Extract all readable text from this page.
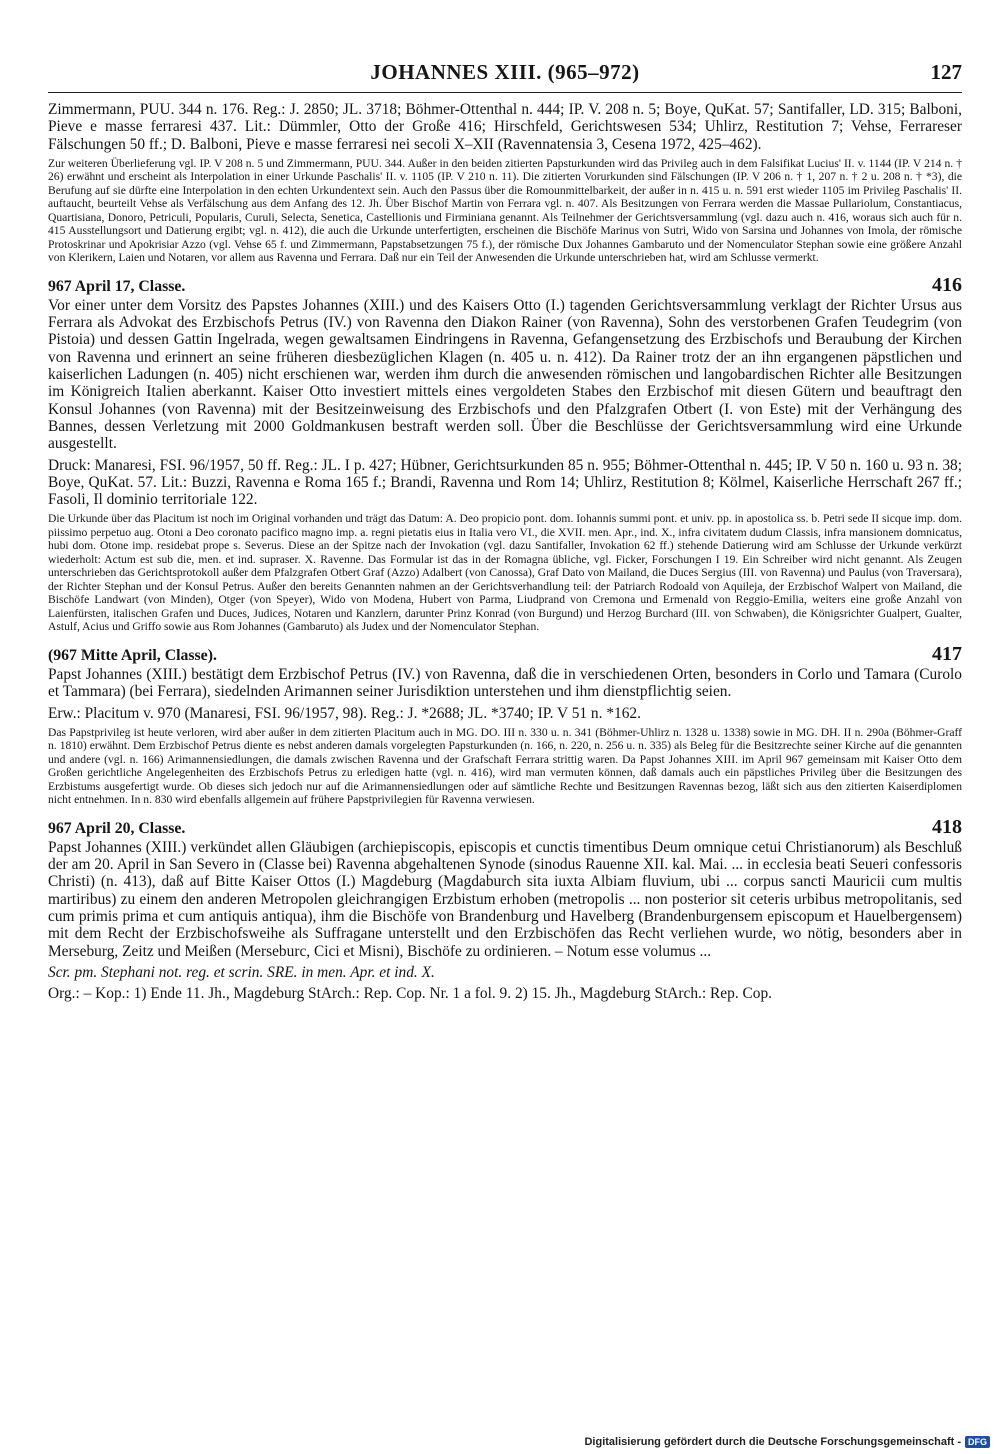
JOHANNES XIII. (965–972)	127

Zimmermann, PUU. 344 n. 176. Reg.: J. 2850; JL. 3718; Böhmer-Ottenthal n. 444; IP. V. 208 n. 5; Boye, QuKat. 57; Santifaller, LD. 315; Balboni, Pieve e masse ferraresi 437. Lit.: Dümmler, Otto der Große 416; Hirschfeld, Gerichtswesen 534; Uhlirz, Restitution 7; Vehse, Ferrareser Fälschungen 50 ff.; D. Balboni, Pieve e masse ferraresi nei secoli X–XII (Ravennatensia 3, Cesena 1972, 425–462).

Zur weiteren Überlieferung vgl. IP. V 208 n. 5 und Zimmermann, PUU. 344. Außer in den beiden zitierten Papsturkunden wird das Privileg auch in dem Falsifikat Lucius' II. v. 1144 (IP. V 214 n. † 26) erwähnt und erscheint als Interpolation in einer Urkunde Paschalis' II. v. 1105 (IP. V 210 n. 11). Die zitierten Vorurkunden sind Fälschungen (IP. V 206 n. † 1, 207 n. † 2 u. 208 n. † *3), die Berufung auf sie dürfte eine Interpolation in den echten Urkundentext sein. Auch den Passus über die Romounmittelbarkeit, der außer in n. 415 u. n. 591 erst wieder 1105 im Privileg Paschalis' II. auftaucht, beurteilt Vehse als Verfälschung aus dem Anfang des 12. Jh. Über Bischof Martin von Ferrara vgl. n. 407. Als Besitzungen von Ferrara werden die Massae Pullariolum, Constantiacus, Quartisiana, Donoro, Petriculi, Popularis, Curuli, Selecta, Senetica, Castellionis und Firminiana genannt. Als Teilnehmer der Gerichtsversammlung (vgl. dazu auch n. 416, woraus sich auch für n. 415 Ausstellungsort und Datierung ergibt; vgl. n. 412), die auch die Urkunde unterfertigten, erscheinen die Bischöfe Marinus von Sutri, Wido von Sarsina und Johannes von Imola, der römische Protoskrinar und Apokrisiar Azzo (vgl. Vehse 65 f. und Zimmermann, Papstabsetzungen 75 f.), der römische Dux Johannes Gambaruto und der Nomenculator Stephan sowie eine größere Anzahl von Klerikern, Laien und Notaren, vor allem aus Ravenna und Ferrara. Daß nur ein Teil der Anwesenden die Urkunde unterschrieben hat, wird am Schlusse vermerkt.

967 April 17, Classe.	416

Vor einer unter dem Vorsitz des Papstes Johannes (XIII.) und des Kaisers Otto (I.) tagenden Gerichtsversammlung verklagt der Richter Ursus aus Ferrara als Advokat des Erzbischofs Petrus (IV.) von Ravenna den Diakon Rainer (von Ravenna), Sohn des verstorbenen Grafen Teudegrim (von Pistoia) und dessen Gattin Ingelrada, wegen gewaltsamen Eindringens in Ravenna, Gefangensetzung des Erzbischofs und Beraubung der Kirchen von Ravenna und erinnert an seine früheren diesbezüglichen Klagen (n. 405 u. n. 412). Da Rainer trotz der an ihn ergangenen päpstlichen und kaiserlichen Ladungen (n. 405) nicht erschienen war, werden ihm durch die anwesenden römischen und langobardischen Richter alle Besitzungen im Königreich Italien aberkannt. Kaiser Otto investiert mittels eines vergoldeten Stabes den Erzbischof mit diesen Gütern und beauftragt den Konsul Johannes (von Ravenna) mit der Besitzeinweisung des Erzbischofs und den Pfalzgrafen Otbert (I. von Este) mit der Verhängung des Bannes, dessen Verletzung mit 2000 Goldmankusen bestraft werden soll. Über die Beschlüsse der Gerichtsversammlung wird eine Urkunde ausgestellt.

Druck: Manaresi, FSI. 96/1957, 50 ff. Reg.: JL. I p. 427; Hübner, Gerichtsurkunden 85 n. 955; Böhmer-Ottenthal n. 445; IP. V 50 n. 160 u. 93 n. 38; Boye, QuKat. 57. Lit.: Buzzi, Ravenna e Roma 165 f.; Brandi, Ravenna und Rom 14; Uhlirz, Restitution 8; Kölmel, Kaiserliche Herrschaft 267 ff.; Fasoli, Il dominio territoriale 122.

Die Urkunde über das Placitum ist noch im Original vorhanden und trägt das Datum: A. Deo propicio pont. dom. Iohannis summi pont. et univ. pp. in apostolica ss. b. Petri sede II sicque imp. dom. piissimo perpetuo aug. Otoni a Deo coronato pacifico magno imp. a. regni pietatis eius in Italia vero VI., die XVII. men. Apr., ind. X., infra civitatem dudum Classis, infra mansionem domnicatus, hubi dom. Otone imp. residebat prope s. Severus. Diese an der Spitze nach der Invokation (vgl. dazu Santifaller, Invokation 62 ff.) stehende Datierung wird am Schlusse der Urkunde verkürzt wiederholt: Actum est sub die, men. et ind. supraser. X. Ravenne. Das Formular ist das in der Romagna übliche, vgl. Ficker, Forschungen I 19. Ein Schreiber wird nicht genannt. Als Zeugen unterschrieben das Gerichtsprotokoll außer dem Pfalzgrafen Otbert Graf (Azzo) Adalbert (von Canossa), Graf Dato von Mailand, die Duces Sergius (III. von Ravenna) und Paulus (von Traversara), der Richter Stephan und der Konsul Petrus. Außer den bereits Genannten nahmen an der Gerichtsverhandlung teil: der Patriarch Rodoald von Aquileja, der Erzbischof Walpert von Mailand, die Bischöfe Landwart (von Minden), Otger (von Speyer), Wido von Modena, Hubert von Parma, Liudprand von Cremona und Ermenald von Reggio-Emilia, weiters eine große Anzahl von Laienfürsten, italischen Grafen und Duces, Judices, Notaren und Kanzlern, darunter Prinz Konrad (von Burgund) und Herzog Burchard (III. von Schwaben), die Königsrichter Gualpert, Gualter, Astulf, Acius und Griffo sowie aus Rom Johannes (Gambaruto) als Judex und der Nomenculator Stephan.

(967 Mitte April, Classe).	417

Papst Johannes (XIII.) bestätigt dem Erzbischof Petrus (IV.) von Ravenna, daß die in verschiedenen Orten, besonders in Corlo und Tamara (Curolo et Tammara) (bei Ferrara), siedelnden Arimannen seiner Jurisdiktion unterstehen und ihm dienstpflichtig seien.

Erw.: Placitum v. 970 (Manaresi, FSI. 96/1957, 98). Reg.: J. *2688; JL. *3740; IP. V 51 n. *162.

Das Papstprivileg ist heute verloren, wird aber außer in dem zitierten Placitum auch in MG. DO. III n. 330 u. n. 341 (Böhmer-Uhlirz n. 1328 u. 1338) sowie in MG. DH. II n. 290a (Böhmer-Graff n. 1810) erwähnt. Dem Erzbischof Petrus diente es nebst anderen damals vorgelegten Papsturkunden (n. 166, n. 220, n. 256 u. n. 335) als Beleg für die Besitzrechte seiner Kirche auf die genannten und andere (vgl. n. 166) Arimannensiedlungen, die damals zwischen Ravenna und der Grafschaft Ferrara strittig waren. Da Papst Johannes XIII. im April 967 gemeinsam mit Kaiser Otto dem Großen gerichtliche Angelegenheiten des Erzbischofs Petrus zu erledigen hatte (vgl. n. 416), wird man vermuten können, daß damals auch ein päpstliches Privileg über die Besitzungen des Erzbistums ausgefertigt wurde. Ob dieses sich jedoch nur auf die Arimannensiedlungen oder auf sämtliche Rechte und Besitzungen Ravennas bezog, läßt sich aus den zitierten Kaiserdiplomen nicht entnehmen. In n. 830 wird ebenfalls allgemein auf frühere Papstprivilegien für Ravenna verwiesen.

967 April 20, Classe.	418

Papst Johannes (XIII.) verkündet allen Gläubigen (archiepiscopis, episcopis et cunctis timentibus Deum omnique cetui Christianorum) als Beschluß der am 20. April in San Severo in (Classe bei) Ravenna abgehaltenen Synode (sinodus Rauenne XII. kal. Mai. ... in ecclesia beati Seueri confessoris Christi) (n. 413), daß auf Bitte Kaiser Ottos (I.) Magdeburg (Magdaburch sita iuxta Albiam fluvium, ubi ... corpus sancti Mauricii cum multis martiribus) zu einem den anderen Metropolen gleichrangigen Erzbistum erhoben (metropolis ... non posterior sit ceteris urbibus metropolitanis, sed cum primis prima et cum antiquis antiqua), ihm die Bischöfe von Brandenburg und Havelberg (Brandenburgensem episcopum et Hauelbergensem) mit dem Recht der Erzbischofsweihe als Suffragane unterstellt und den Erzbischöfen das Recht verliehen wurde, wo nötig, besonders aber in Merseburg, Zeitz und Meißen (Merseburc, Cici et Misni), Bischöfe zu ordinieren. – Notum esse volumus ...

Scr. pm. Stephani not. reg. et scrin. SRE. in men. Apr. et ind. X.

Org.: – Kop.: 1) Ende 11. Jh., Magdeburg StArch.: Rep. Cop. Nr. 1 a fol. 9. 2) 15. Jh., Magdeburg StArch.: Rep. Cop.

Digitalisierung gefördert durch die Deutsche Forschungsgemeinschaft - DFG
